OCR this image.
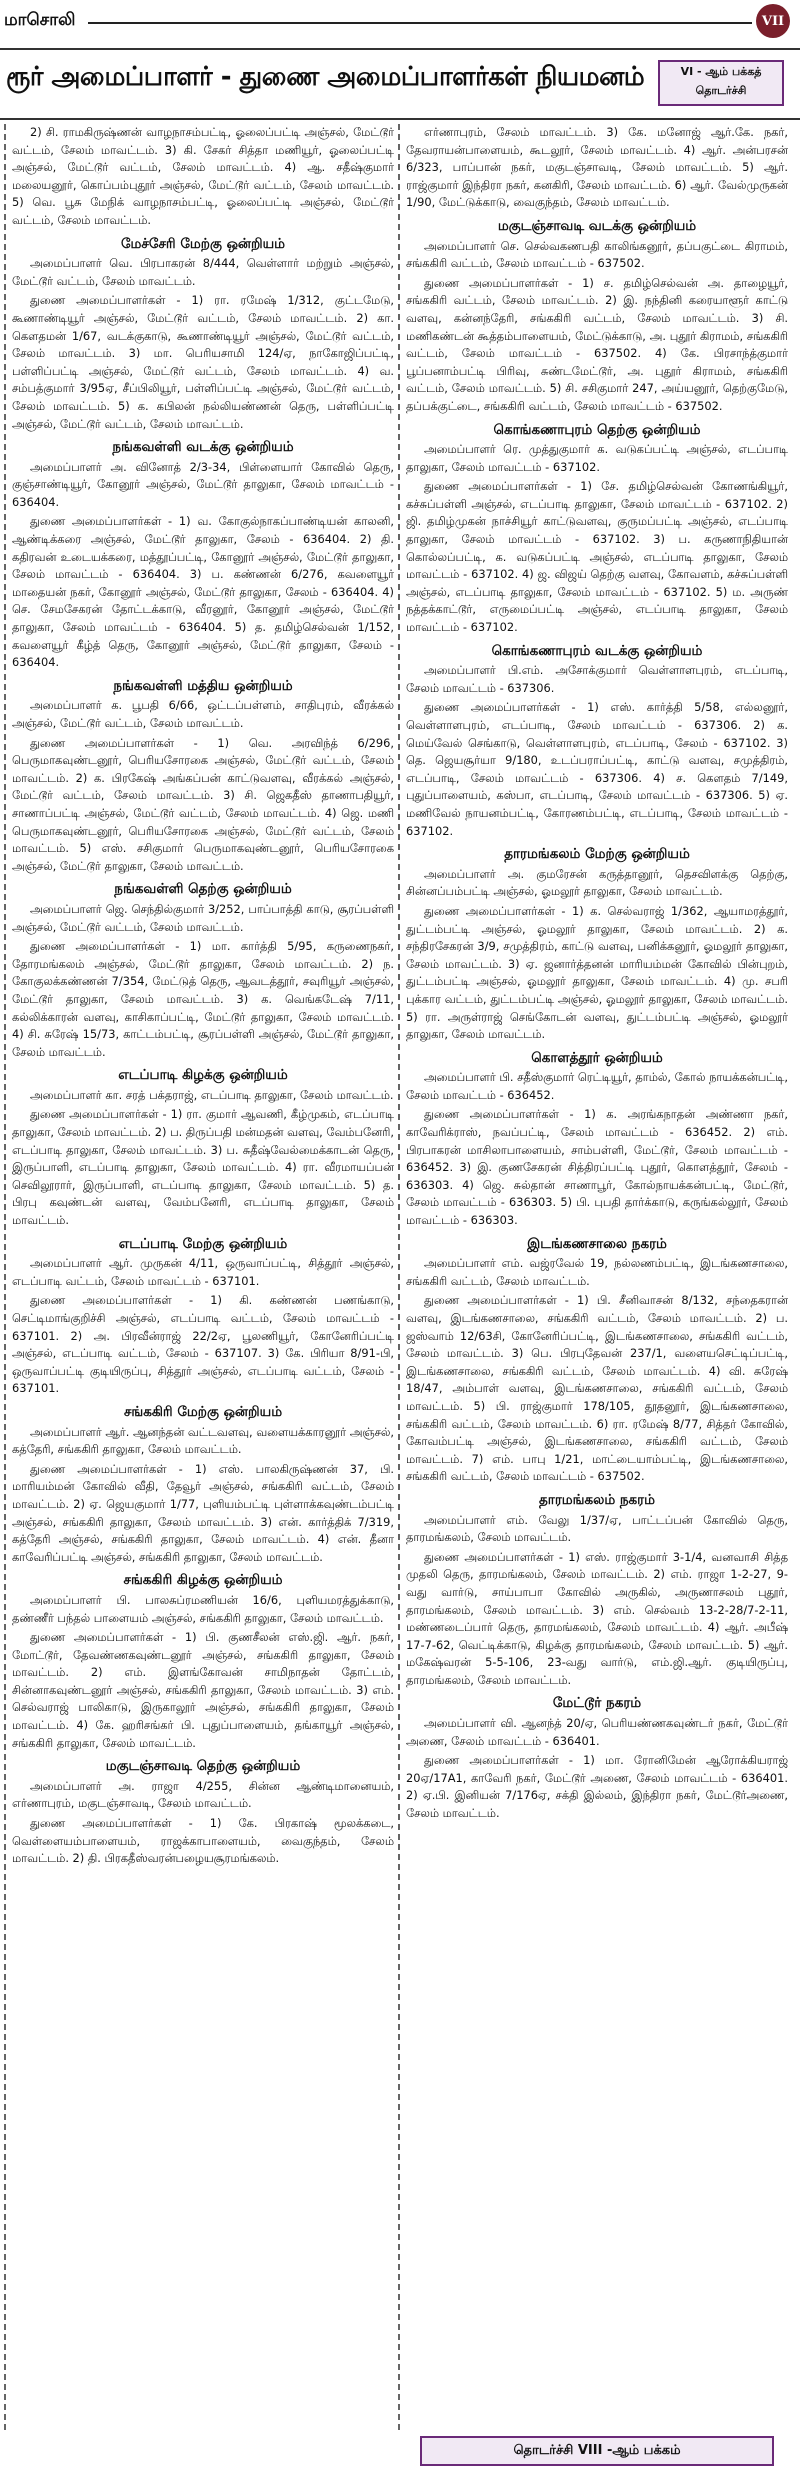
மாசொலி	VII
ரூர் அமைப்பாளர் - துணை அமைப்பாளர்கள் நியமனம்	VI - ஆம் பக்கத்
தொடர்ச்சி

2) சி. ராமகிருஷ்ணன் வாழநாசம்பட்டி, ஓலைப்பட்டி அஞ்சல், மேட்டூர் வட்டம், சேலம் மாவட்டம். 3) கி. சேகர் சித்தா மணியூர், ஓலைப்பட்டி அஞ்சல், மேட்டூர் வட்டம், சேலம் மாவட்டம். 4) ஆ. சதீஷ்குமார் மலையனூர், கொப்பம்புதூர் அஞ்சல், மேட்டூர் வட்டம், சேலம் மாவட்டம். 5) வெ. பூசு மேநிக் வாழநாசம்பட்டி, ஓலைப்பட்டி அஞ்சல், மேட்டூர் வட்டம், சேலம் மாவட்டம்.

மேச்சேரி மேற்கு ஒன்றியம்

அமைப்பாளர் வெ. பிரபாகரன் 8/444, வெள்ளார் மற்றும் அஞ்சல், மேட்டூர் வட்டம், சேலம் மாவட்டம்.

துணை அமைப்பாளர்கள் - 1) ரா. ரமேஷ் 1/312, குட்டமேடு, கூணாண்டியூர் அஞ்சல், மேட்டூர் வட்டம், சேலம் மாவட்டம். 2) கா. கௌதமன் 1/67, வடக்குகாடு, கூணாண்டியூர் அஞ்சல், மேட்டூர் வட்டம், சேலம் மாவட்டம். 3) மா. பெரியசாமி 124/ஏ, நாகோஜிப்பட்டி, பள்ளிப்பட்டி அஞ்சல், மேட்டூர் வட்டம், சேலம் மாவட்டம். 4) வ. சம்பத்குமார் 3/95ஏ, சீப்பிலியூர், பள்ளிப்பட்டி அஞ்சல், மேட்டூர் வட்டம், சேலம் மாவட்டம். 5) க. கபிலன் நல்லியண்ணன் தெரு, பள்ளிப்பட்டி அஞ்சல், மேட்டூர் வட்டம், சேலம் மாவட்டம்.

நங்கவள்ளி வடக்கு ஒன்றியம்

அமைப்பாளர் அ. வினோத் 2/3-34, பிள்ளையார் கோவில் தெரு, குஞ்சாண்டியூர், கோனூர் அஞ்சல், மேட்டூர் தாலுகா, சேலம் மாவட்டம் - 636404.

துணை அமைப்பாளர்கள் - 1) வ. கோகுல்நாகப்பாண்டியன் காலனி, ஆண்டிக்கரை அஞ்சல், மேட்டூர் தாலுகா, சேலம் - 636404. 2) தி. கதிரவன் உடையக்கரை, மத்தூப்பட்டி, கோனூர் அஞ்சல், மேட்டூர் தாலுகா, சேலம் மாவட்டம் - 636404. 3) ப. கண்ணன் 6/276, கவளையூர் மாதையன் நகர், கோனூர் அஞ்சல், மேட்டூர் தாலுகா, சேலம் - 636404. 4) செ. சேமசேகரன் தோட்டக்காடு, வீரனூர், கோனூர் அஞ்சல், மேட்டூர் தாலுகா, சேலம் மாவட்டம் - 636404. 5) த. தமிழ்செல்வன் 1/152, கவளையூர் கீழ்த் தெரு, கோனூர் அஞ்சல், மேட்டூர் தாலுகா, சேலம் - 636404.

நங்கவள்ளி மத்திய ஒன்றியம்

அமைப்பாளர் க. பூபதி 6/66, ஒட்டப்பள்ளம், சாதிபுரம், வீரக்கல் அஞ்சல், மேட்டூர் வட்டம், சேலம் மாவட்டம்.

துணை அமைப்பாளர்கள் - 1) வெ. அரவிந்த் 6/296, பெருமாகவுண்டனூர், பெரியசோரகை அஞ்சல், மேட்டூர் வட்டம், சேலம் மாவட்டம். 2) க. பிரகேஷ் அங்கப்பன் காட்டுவளவு, வீரக்கல் அஞ்சல், மேட்டூர் வட்டம், சேலம் மாவட்டம். 3) சி. ஜெகதீஸ் தாணாபதியூர், சாணாப்பட்டி அஞ்சல், மேட்டூர் வட்டம், சேலம் மாவட்டம். 4) ஜெ. மணி பெருமாகவுண்டனூர், பெரியசோரகை அஞ்சல், மேட்டூர் வட்டம், சேலம் மாவட்டம். 5) எஸ். சசிகுமார் பெருமாகவுண்டனூர், பெரியசோரகை அஞ்சல், மேட்டூர் தாலுகா, சேலம் மாவட்டம்.

நங்கவள்ளி தெற்கு ஒன்றியம்

அமைப்பாளர் ஜெ. செந்தில்குமார் 3/252, பாப்பாத்தி காடு, சூரப்பள்ளி அஞ்சல், மேட்டூர் வட்டம், சேலம் மாவட்டம்.

துணை அமைப்பாளர்கள் - 1) மா. கார்த்தி 5/95, கருணைநகர், தோரமங்கலம் அஞ்சல், மேட்டூர் தாலுகா, சேலம் மாவட்டம். 2) ந. கோகுலக்கண்ணன் 7/354, மேட்டுத் தெரு, ஆவடத்தூர், சவுரியூர் அஞ்சல், மேட்டூர் தாலுகா, சேலம் மாவட்டம். 3) க. வெங்கடேஷ் 7/11, கல்லிக்காரன் வளவு, காசிகாப்பட்டி, மேட்டூர் தாலுகா, சேலம் மாவட்டம். 4) சி. சுரேஷ் 15/73, காட்டம்பட்டி, சூரப்பள்ளி அஞ்சல், மேட்டூர் தாலுகா, சேலம் மாவட்டம்.

எடப்பாடி கிழக்கு ஒன்றியம்

அமைப்பாளர் கா. சரத் பக்தராஜ், எடப்பாடி தாலுகா, சேலம் மாவட்டம்.

துணை அமைப்பாளர்கள் - 1) ரா. குமார் ஆவணி, கீழ்முகம், எடப்பாடி தாலுகா, சேலம் மாவட்டம். 2) ப. திருப்பதி மன்மதன் வளவு, வேம்பனேரி, எடப்பாடி தாலுகா, சேலம் மாவட்டம். 3) ப. சுதீஷ்வேல்மைக்காடன் தெரு, இருப்பாளி, எடப்பாடி தாலுகா, சேலம் மாவட்டம். 4) ரா. வீரமாயப்பன் செவிலூரார், இருப்பாளி, எடப்பாடி தாலுகா, சேலம் மாவட்டம். 5) த. பிரபு கவுண்டன் வளவு, வேம்பனேரி, எடப்பாடி தாலுகா, சேலம் மாவட்டம்.

எடப்பாடி மேற்கு ஒன்றியம்

அமைப்பாளர் ஆர். முருகன் 4/11, ஒருவாப்பட்டி, சித்தூர் அஞ்சல், எடப்பாடி வட்டம், சேலம் மாவட்டம் - 637101.

துணை அமைப்பாளர்கள் - 1) கி. கண்ணன் பணங்காடு, செட்டிமாங்குறிச்சி அஞ்சல், எடப்பாடி வட்டம், சேலம் மாவட்டம் - 637101. 2) அ. பிரவீன்ராஜ் 22/2ஏ, பூலணியூர், கோனேரிப்பட்டி அஞ்சல், எடப்பாடி வட்டம், சேலம் - 637107. 3) கே. பிரியா 8/91-பி, ஒருவாப்பட்டி குடியிருப்பு, சித்தூர் அஞ்சல், எடப்பாடி வட்டம், சேலம் - 637101.

சங்ககிரி மேற்கு ஒன்றியம்

அமைப்பாளர் ஆர். ஆனந்தன் வட்டவளவு, வளையக்காரனூர் அஞ்சல், கத்தேரி, சங்ககிரி தாலுகா, சேலம் மாவட்டம்.

துணை அமைப்பாளர்கள் - 1) எஸ். பாலகிருஷ்ணன் 37, பி. மாரியம்மன் கோவில் வீதி, தேவூர் அஞ்சல், சங்ககிரி வட்டம், சேலம் மாவட்டம். 2) ஏ. ஜெயகுமார் 1/77, புளியம்பட்டி புள்ளாக்கவுண்டம்பட்டி அஞ்சல், சங்ககிரி தாலுகா, சேலம் மாவட்டம். 3) என். கார்த்திக் 7/319, கத்தேரி அஞ்சல், சங்ககிரி தாலுகா, சேலம் மாவட்டம். 4) என். தீனா காவேரிப்பட்டி அஞ்சல், சங்ககிரி தாலுகா, சேலம் மாவட்டம்.

சங்ககிரி கிழக்கு ஒன்றியம்

அமைப்பாளர் பி. பாலசுப்ரமணியன் 16/6, புளியமரத்துக்காடு, தண்ணீர் பந்தல் பாளையம் அஞ்சல், சங்ககிரி தாலுகா, சேலம் மாவட்டம்.

துணை அமைப்பாளர்கள் - 1) பி. குணசீலன் எஸ்.ஜி. ஆர். நகர், மோட்டூர், தேவண்ணகவுண்டனூர் அஞ்சல், சங்ககிரி தாலுகா, சேலம் மாவட்டம். 2) எம். இளங்கோவன் சாமிநாதன் தோட்டம், சின்னாகவுண்டனூர் அஞ்சல், சங்ககிரி தாலுகா, சேலம் மாவட்டம். 3) எம். செல்வராஜ் பாலிகாடு, இருகாலூர் அஞ்சல், சங்ககிரி தாலுகா, சேலம் மாவட்டம். 4) கே. ஹரிசங்கர் பி. புதுப்பாளையம், தங்காயூர் அஞ்சல், சங்ககிரி தாலுகா, சேலம் மாவட்டம்.

மகுடஞ்சாவடி தெற்கு ஒன்றியம்

அமைப்பாளர் அ. ராஜா 4/255, சின்ன ஆண்டிமானையம், எர்ணாபுரம், மகுடஞ்சாவடி, சேலம் மாவட்டம்.

துணை அமைப்பாளர்கள் - 1) கே. பிரகாஷ் மூலக்கடை, வெள்ளையம்பாளையம், ராஜக்காபாளையம், வைகுந்தம், சேலம் மாவட்டம். 2) தி. பிரகதீஸ்வரன்பழையசூரமங்கலம்.

எர்ணாபுரம், சேலம் மாவட்டம். 3) கே. மனோஜ் ஆர்.கே. நகர், தேவராயன்பாளையம், கூடலூர், சேலம் மாவட்டம். 4) ஆர். அன்பரசன் 6/323, பாப்பான் நகர், மகுடஞ்சாவடி, சேலம் மாவட்டம். 5) ஆர். ராஜ்குமார் இந்திரா நகர், கனகிரி, சேலம் மாவட்டம். 6) ஆர். வேல்முருகன் 1/90, மேட்டுக்காடு, வைகுந்தம், சேலம் மாவட்டம்.

மகுடஞ்சாவடி வடக்கு ஒன்றியம்

அமைப்பாளர் செ. செல்வகணபதி காலிங்கனூர், தப்பகுட்டை கிராமம், சங்ககிரி வட்டம், சேலம் மாவட்டம் - 637502.

துணை அமைப்பாளர்கள் - 1) ச. தமிழ்செல்வன் அ. தாழையூர், சங்ககிரி வட்டம், சேலம் மாவட்டம். 2) இ. நந்தினி கரையாளூர் காட்டு வளவு, கன்னந்தேரி, சங்ககிரி வட்டம், சேலம் மாவட்டம். 3) சி. மணிகண்டன் கூத்தம்பாளையம், மேட்டுக்காடு, அ. புதூர் கிராமம், சங்ககிரி வட்டம், சேலம் மாவட்டம் - 637502. 4) கே. பிரசாந்த்குமார் பூப்பனாம்பட்டி பிரிவு, சுண்டமேட்டூர், அ. புதூர் கிராமம், சங்ககிரி வட்டம், சேலம் மாவட்டம். 5) சி. சசிகுமார் 247, அய்யனூர், தெற்குமேடு, தப்பக்குட்டை, சங்ககிரி வட்டம், சேலம் மாவட்டம் - 637502.

கொங்கணாபுரம் தெற்கு ஒன்றியம்

அமைப்பாளர் ரெ. முத்துகுமார் க. வடுகப்பட்டி அஞ்சல், எடப்பாடி தாலுகா, சேலம் மாவட்டம் - 637102.

துணை அமைப்பாளர்கள் - 1) சே. தமிழ்செல்வன் கோணங்கியூர், கச்சுப்பள்ளி அஞ்சல், எடப்பாடி தாலுகா, சேலம் மாவட்டம் - 637102. 2) ஜி. தமிழ்முகன் நாச்சியூர் காட்டுவளவு, குருமப்பட்டி அஞ்சல், எடப்பாடி தாலுகா, சேலம் மாவட்டம் - 637102. 3) ப. கருணாநிதியான் கொல்லப்பட்டி, க. வடுகப்பட்டி அஞ்சல், எடப்பாடி தாலுகா, சேலம் மாவட்டம் - 637102. 4) ஜ. விஜய் தெற்கு வளவு, கோவளம், கச்சுப்பள்ளி அஞ்சல், எடப்பாடி தாலுகா, சேலம் மாவட்டம் - 637102. 5) ம. அருண் நத்தக்காட்டூர், எருமைப்பட்டி அஞ்சல், எடப்பாடி தாலுகா, சேலம் மாவட்டம் - 637102.

கொங்கணாபுரம் வடக்கு ஒன்றியம்

அமைப்பாளர் பி.எம். அசோக்குமார் வெள்ளாளபுரம், எடப்பாடி, சேலம் மாவட்டம் - 637306.

துணை அமைப்பாளர்கள் - 1) எஸ். கார்த்தி 5/58, எல்லனூர், வெள்ளாளபுரம், எடப்பாடி, சேலம் மாவட்டம் - 637306. 2) க. மெய்வேல் செங்காடு, வெள்ளாளபுரம், எடப்பாடி, சேலம் - 637102. 3) தெ. ஜெயசூர்யா 9/180, உடப்பராப்பட்டி, காட்டு வளவு, சமுத்திரம், எடப்பாடி, சேலம் மாவட்டம் - 637306. 4) ச. கௌதம் 7/149, புதுப்பாளையம், கஸ்பா, எடப்பாடி, சேலம் மாவட்டம் - 637306. 5) ஏ. மணிவேல் நாயனம்பட்டி, கோரணம்பட்டி, எடப்பாடி, சேலம் மாவட்டம் - 637102.

தாரமங்கலம் மேற்கு ஒன்றியம்

அமைப்பாளர் அ. குமரேசன் கருத்தானூர், தெசவிளக்கு தெற்கு, சின்னப்பம்பட்டி அஞ்சல், ஓமலூர் தாலுகா, சேலம் மாவட்டம்.

துணை அமைப்பாளர்கள் - 1) க. செல்வராஜ் 1/362, ஆயாமரத்தூர், துட்டம்பட்டி அஞ்சல், ஓமலூர் தாலுகா, சேலம் மாவட்டம். 2) க. சந்திரசேகரன் 3/9, சமுத்திரம், காட்டு வளவு, பனிக்கனூர், ஓமலூர் தாலுகா, சேலம் மாவட்டம். 3) ஏ. ஜனார்த்தனன் மாரியம்மன் கோவில் பின்புறம், துட்டம்பட்டி அஞ்சல், ஓமலூர் தாலுகா, சேலம் மாவட்டம். 4) மு. சபரி புக்கார வட்டம், துட்டம்பட்டி அஞ்சல், ஓமலூர் தாலுகா, சேலம் மாவட்டம். 5) ரா. அருள்ராஜ் செங்கோடன் வளவு, துட்டம்பட்டி அஞ்சல், ஓமலூர் தாலுகா, சேலம் மாவட்டம்.

கொளத்தூர் ஒன்றியம்

அமைப்பாளர் பி. சதீஸ்குமார் ரெட்டியூர், தாம்ல், கோல் நாயக்கன்பட்டி, சேலம் மாவட்டம் - 636452.

துணை அமைப்பாளர்கள் - 1) க. அரங்கநாதன் அண்ணா நகர், காவேரிக்ராஸ், நவப்பட்டி, சேலம் மாவட்டம் - 636452. 2) எம். பிரபாகரன் மாசிலாபாளையம், சாம்பள்ளி, மேட்டூர், சேலம் மாவட்டம் - 636452. 3) இ. குணசேகரன் சித்திரப்பட்டி புதூர், கொளத்தூர், சேலம் - 636303. 4) ஜெ. சுல்தான் சாணாபூர், கோல்நாயக்கன்பட்டி, மேட்டூர், சேலம் மாவட்டம் - 636303. 5) பி. புபதி தார்க்காடு, கருங்கல்லூர், சேலம் மாவட்டம் - 636303.

இடங்கணசாலை நகரம்

அமைப்பாளர் எம். வஜ்ரவேல் 19, நல்லணம்பட்டி, இடங்கணசாலை, சங்ககிரி வட்டம், சேலம் மாவட்டம்.

துணை அமைப்பாளர்கள் - 1) பி. சீனிவாசன் 8/132, சந்தைகரான் வளவு, இடங்கணசாலை, சங்ககிரி வட்டம், சேலம் மாவட்டம். 2) ப. ஜஸ்வாம் 12/63சி, கோனேரிப்பட்டி, இடங்கணசாலை, சங்ககிரி வட்டம், சேலம் மாவட்டம். 3) பெ. பிரபுதேவன் 237/1, வளையசெட்டிப்பட்டி, இடங்கணசாலை, சங்ககிரி வட்டம், சேலம் மாவட்டம். 4) வி. சுரேஷ் 18/47, அம்பாள் வளவு, இடங்கணசாலை, சங்ககிரி வட்டம், சேலம் மாவட்டம். 5) பி. ராஜ்குமார் 178/105, தூதனூர், இடங்கணசாலை, சங்ககிரி வட்டம், சேலம் மாவட்டம். 6) ரா. ரமேஷ் 8/77, சித்தர் கோவில், கோவம்பட்டி அஞ்சல், இடங்கணசாலை, சங்ககிரி வட்டம், சேலம் மாவட்டம். 7) எம். பாபு 1/21, மாட்டையாம்பட்டி, இடங்கணசாலை, சங்ககிரி வட்டம், சேலம் மாவட்டம் - 637502.

தாரமங்கலம் நகரம்

அமைப்பாளர் எம். வேலு 1/37/ஏ, பாட்டப்பன் கோவில் தெரு, தாரமங்கலம், சேலம் மாவட்டம்.

துணை அமைப்பாளர்கள் - 1) எஸ். ராஜ்குமார் 3-1/4, வனவாசி சித்த முதலி தெரு, தாரமங்கலம், சேலம் மாவட்டம். 2) எம். ராஜா 1-2-27, 9-வது வார்டு, சாய்பாபா கோவில் அருகில், அருணாசலம் புதூர், தாரமங்கலம், சேலம் மாவட்டம். 3) எம். செல்வம் 13-2-28/7-2-11, மண்ணடைப்பார் தெரு, தாரமங்கலம், சேலம் மாவட்டம். 4) ஆர். அபீஷ் 17-7-62, வெட்டிக்காடு, கிழக்கு தாரமங்கலம், சேலம் மாவட்டம். 5) ஆர். மகேஷ்வரன் 5-5-106, 23-வது வார்டு, எம்.ஜி.ஆர். குடியிருப்பு, தாரமங்கலம், சேலம் மாவட்டம்.

மேட்டூர் நகரம்

அமைப்பாளர் வி. ஆனந்த் 20/ஏ, பெரியண்ணகவுண்டர் நகர், மேட்டூர் அணை, சேலம் மாவட்டம் - 636401.

துணை அமைப்பாளர்கள் - 1) மா. ரோனிமேன் ஆரோக்கியராஜ் 20ஏ/17A1, காவேரி நகர், மேட்டூர் அணை, சேலம் மாவட்டம் - 636401. 2) ஏ.பி. இனியன் 7/176ஏ, சக்தி இல்லம், இந்திரா நகர், மேட்டூர்அணை, சேலம் மாவட்டம்.

தொடர்ச்சி VIII -ஆம் பக்கம்
